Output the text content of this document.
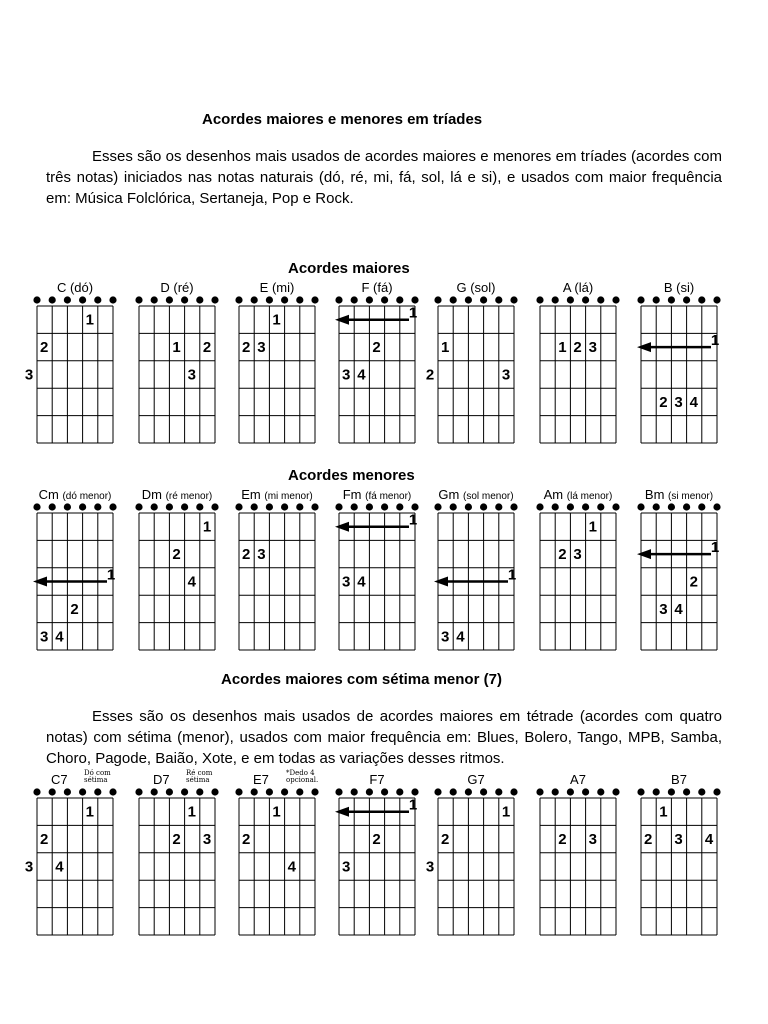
Acordes maiores e menores em tríades

Esses são os desenhos mais usados de acordes maiores e menores em tríades (acordes com três notas) iniciados nas notas naturais (dó, ré, mi, fá, sol, lá e si), e usados com maior frequência em: Música Folclórica, Sertaneja, Pop e Rock.

Acordes maiores
C (dó)
1
2
3
D (ré)
1 2
3
E (mi)
1
2 3
F (fá)
1
2
3 4
G (sol)
1
2	3
A (lá)
1 2 3
B (si)
1
2 3 4
Acordes menores
Cm (dó menor)
1
2
3 4
Dm (ré menor)
1
2
4
Em (mi menor)
2 3
Fm (fá menor)
1
3 4
Gm (sol menor)
1
3 4
Am (lá menor)
1
2 3
Bm (si menor)
1
2
3 4
Acordes maiores com sétima menor (7)

Esses são os desenhos mais usados de acordes maiores em tétrade (acordes com quatro notas) com sétima (menor), usados com maior frequência em: Blues, Bolero, Tango, MPB, Samba, Choro, Pagode, Baião, Xote, e em todas as variações desses ritmos.

C7	Dó com
sétima
1
2
3 4
D7	Ré com
sétima
1
2 3
E7	*Dedo 4
opcional.
1
2
4
F7
1
2
3
G7
1
2
3
A7
2 3
B7
1
2 3 4
